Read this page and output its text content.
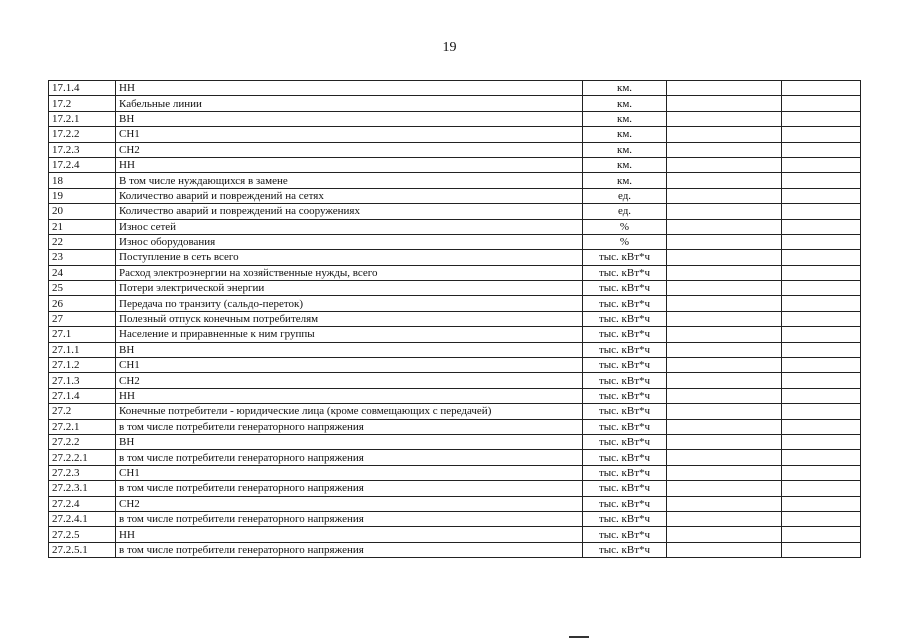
19
17.1.4	НН	км.		
17.2	Кабельные линии	км.		
17.2.1	ВН	км.		
17.2.2	СН1	км.		
17.2.3	СН2	км.		
17.2.4	НН	км.		
18	В том числе нуждающихся в замене	км.		
19	Количество аварий и повреждений на сетях	ед.		
20	Количество аварий и повреждений на сооружениях	ед.		
21	Износ сетей	%		
22	Износ оборудования	%		
23	Поступление в сеть всего	тыс. кВт*ч		
24	Расход электроэнергии на хозяйственные нужды, всего	тыс. кВт*ч		
25	Потери электрической энергии	тыс. кВт*ч		
26	Передача по транзиту (сальдо-переток)	тыс. кВт*ч		
27	Полезный отпуск конечным потребителям	тыс. кВт*ч		
27.1	Население и приравненные к ним группы	тыс. кВт*ч		
27.1.1	ВН	тыс. кВт*ч		
27.1.2	СН1	тыс. кВт*ч		
27.1.3	СН2	тыс. кВт*ч		
27.1.4	НН	тыс. кВт*ч		
27.2	Конечные потребители - юридические лица (кроме совмещающих с передачей)	тыс. кВт*ч		
27.2.1	в том числе потребители генераторного напряжения	тыс. кВт*ч		
27.2.2	ВН	тыс. кВт*ч		
27.2.2.1	в том числе потребители генераторного напряжения	тыс. кВт*ч		
27.2.3	СН1	тыс. кВт*ч		
27.2.3.1	в том числе потребители генераторного напряжения	тыс. кВт*ч		
27.2.4	СН2	тыс. кВт*ч		
27.2.4.1	в том числе потребители генераторного напряжения	тыс. кВт*ч		
27.2.5	НН	тыс. кВт*ч		
27.2.5.1	в том числе потребители генераторного напряжения	тыс. кВт*ч		
